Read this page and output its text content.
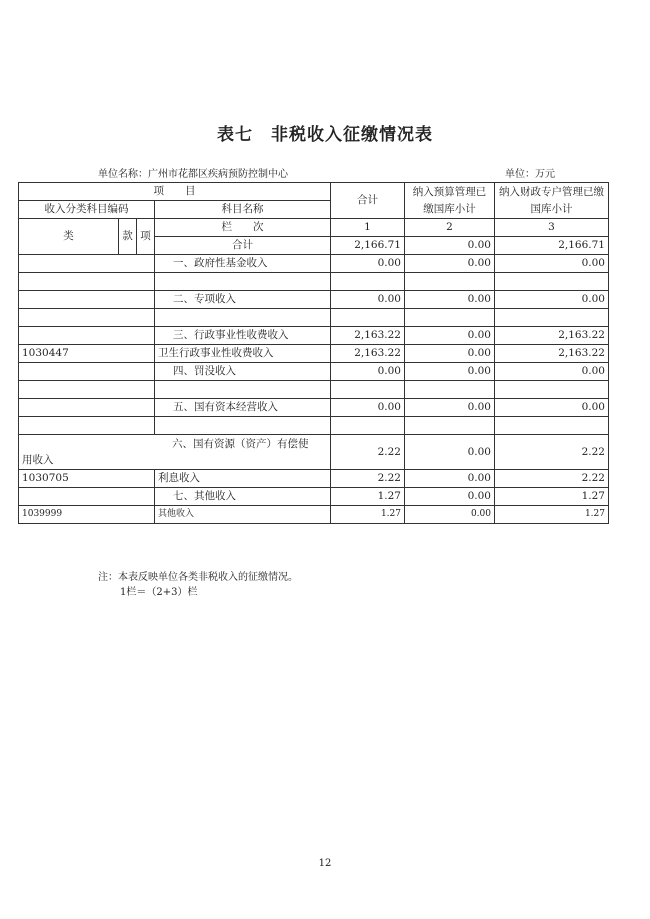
表七 非税收入征缴情况表
单位名称：广州市花都区疾病预防控制中心	单位：万元
项　　目				合计	纳入预算管理已缴国库小计	纳入财政专户管理已缴国库小计
收入分类科目编码			科目名称			
类	款	项	栏　　次	1	2	3
			合计	2,166.71	0.00	2,166.71
			一、政府性基金收入	0.00	0.00	0.00

			二、专项收入	0.00	0.00	0.00

			三、行政事业性收费收入	2,163.22	0.00	2,163.22
1030447			卫生行政事业性收费收入	2,163.22	0.00	2,163.22
			四、罚没收入	0.00	0.00	0.00

			五、国有资本经营收入	0.00	0.00	0.00

六、国有资源（资产）有偿使
用收入				2.22	0.00	2.22
1030705			利息收入	2.22	0.00	2.22
			七、其他收入	1.27	0.00	1.27
1039999			其他收入	1.27	0.00	1.27
注：本表反映单位各类非税收入的征缴情况。
1栏＝（2+3）栏
12
